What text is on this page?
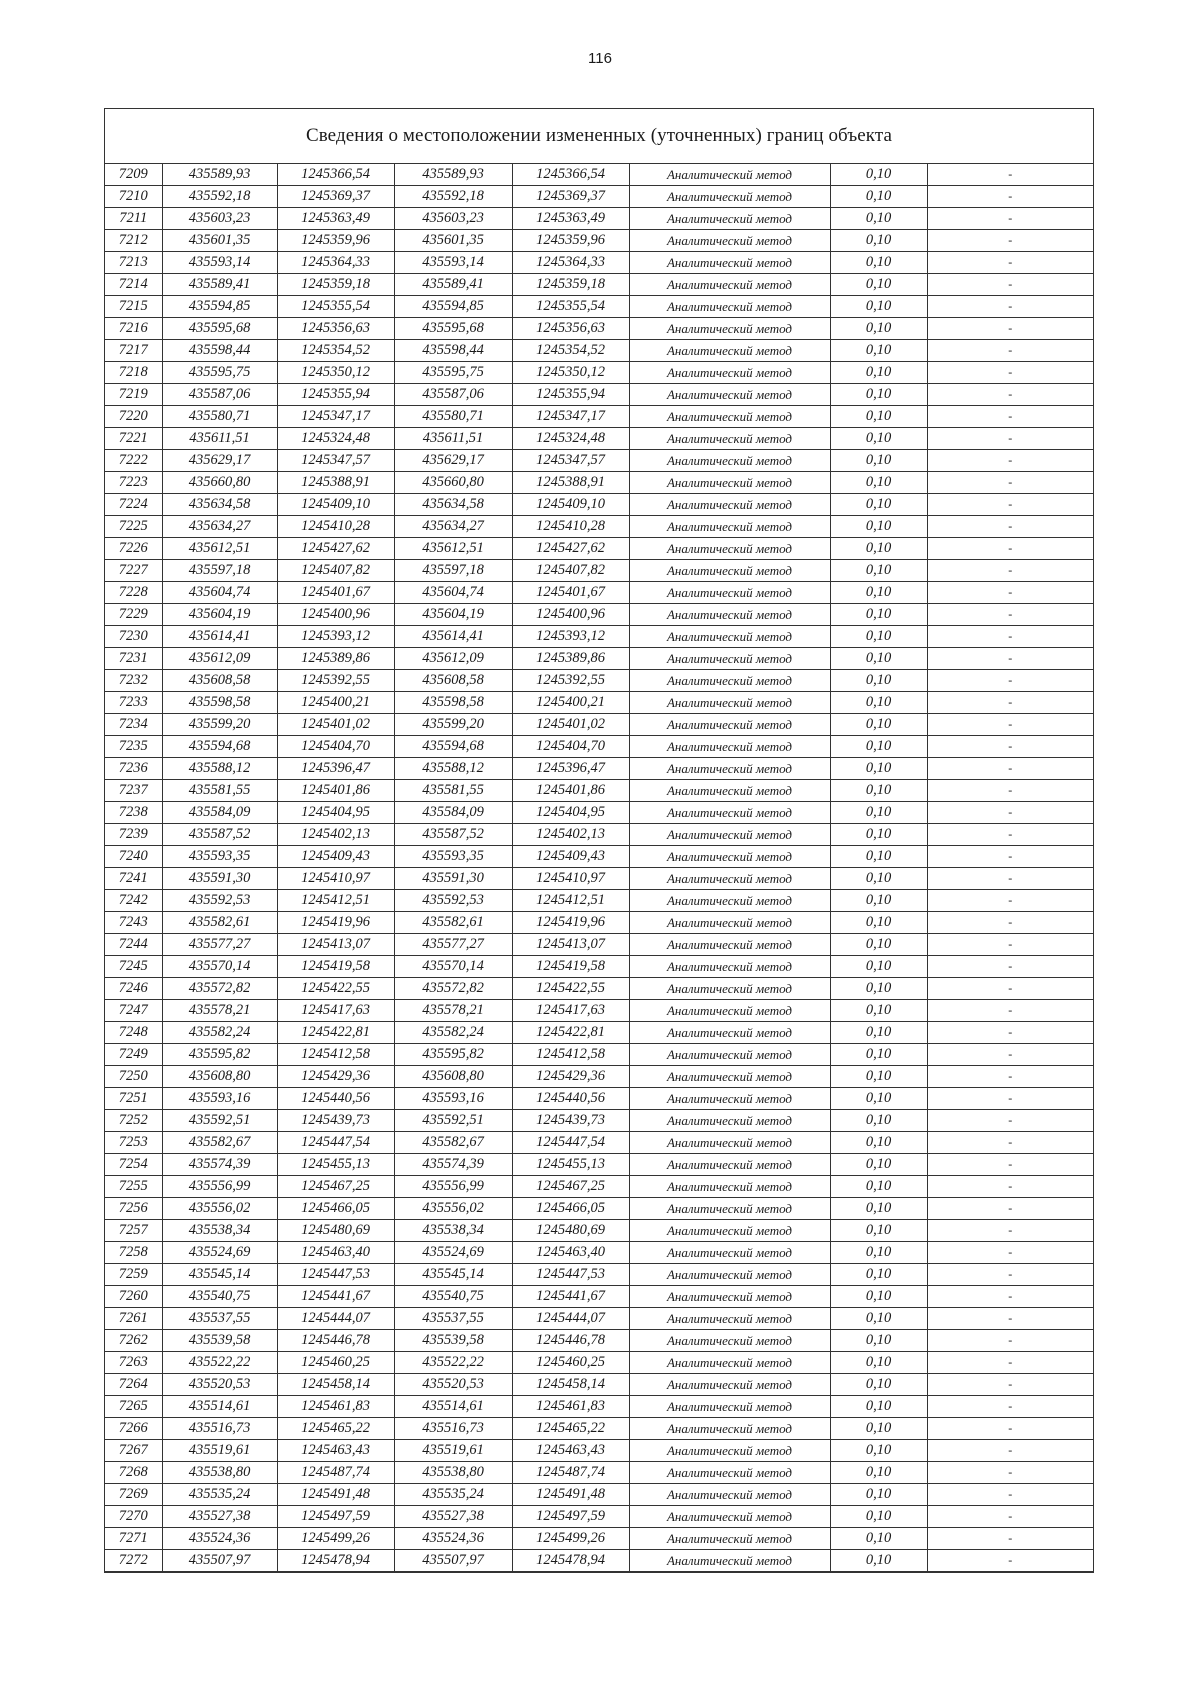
116
Сведения о местоположении измененных (уточненных) границ объекта
7209	435589,93	1245366,54	435589,93	1245366,54	Аналитический метод	0,10	-
7210	435592,18	1245369,37	435592,18	1245369,37	Аналитический метод	0,10	-
7211	435603,23	1245363,49	435603,23	1245363,49	Аналитический метод	0,10	-
7212	435601,35	1245359,96	435601,35	1245359,96	Аналитический метод	0,10	-
7213	435593,14	1245364,33	435593,14	1245364,33	Аналитический метод	0,10	-
7214	435589,41	1245359,18	435589,41	1245359,18	Аналитический метод	0,10	-
7215	435594,85	1245355,54	435594,85	1245355,54	Аналитический метод	0,10	-
7216	435595,68	1245356,63	435595,68	1245356,63	Аналитический метод	0,10	-
7217	435598,44	1245354,52	435598,44	1245354,52	Аналитический метод	0,10	-
7218	435595,75	1245350,12	435595,75	1245350,12	Аналитический метод	0,10	-
7219	435587,06	1245355,94	435587,06	1245355,94	Аналитический метод	0,10	-
7220	435580,71	1245347,17	435580,71	1245347,17	Аналитический метод	0,10	-
7221	435611,51	1245324,48	435611,51	1245324,48	Аналитический метод	0,10	-
7222	435629,17	1245347,57	435629,17	1245347,57	Аналитический метод	0,10	-
7223	435660,80	1245388,91	435660,80	1245388,91	Аналитический метод	0,10	-
7224	435634,58	1245409,10	435634,58	1245409,10	Аналитический метод	0,10	-
7225	435634,27	1245410,28	435634,27	1245410,28	Аналитический метод	0,10	-
7226	435612,51	1245427,62	435612,51	1245427,62	Аналитический метод	0,10	-
7227	435597,18	1245407,82	435597,18	1245407,82	Аналитический метод	0,10	-
7228	435604,74	1245401,67	435604,74	1245401,67	Аналитический метод	0,10	-
7229	435604,19	1245400,96	435604,19	1245400,96	Аналитический метод	0,10	-
7230	435614,41	1245393,12	435614,41	1245393,12	Аналитический метод	0,10	-
7231	435612,09	1245389,86	435612,09	1245389,86	Аналитический метод	0,10	-
7232	435608,58	1245392,55	435608,58	1245392,55	Аналитический метод	0,10	-
7233	435598,58	1245400,21	435598,58	1245400,21	Аналитический метод	0,10	-
7234	435599,20	1245401,02	435599,20	1245401,02	Аналитический метод	0,10	-
7235	435594,68	1245404,70	435594,68	1245404,70	Аналитический метод	0,10	-
7236	435588,12	1245396,47	435588,12	1245396,47	Аналитический метод	0,10	-
7237	435581,55	1245401,86	435581,55	1245401,86	Аналитический метод	0,10	-
7238	435584,09	1245404,95	435584,09	1245404,95	Аналитический метод	0,10	-
7239	435587,52	1245402,13	435587,52	1245402,13	Аналитический метод	0,10	-
7240	435593,35	1245409,43	435593,35	1245409,43	Аналитический метод	0,10	-
7241	435591,30	1245410,97	435591,30	1245410,97	Аналитический метод	0,10	-
7242	435592,53	1245412,51	435592,53	1245412,51	Аналитический метод	0,10	-
7243	435582,61	1245419,96	435582,61	1245419,96	Аналитический метод	0,10	-
7244	435577,27	1245413,07	435577,27	1245413,07	Аналитический метод	0,10	-
7245	435570,14	1245419,58	435570,14	1245419,58	Аналитический метод	0,10	-
7246	435572,82	1245422,55	435572,82	1245422,55	Аналитический метод	0,10	-
7247	435578,21	1245417,63	435578,21	1245417,63	Аналитический метод	0,10	-
7248	435582,24	1245422,81	435582,24	1245422,81	Аналитический метод	0,10	-
7249	435595,82	1245412,58	435595,82	1245412,58	Аналитический метод	0,10	-
7250	435608,80	1245429,36	435608,80	1245429,36	Аналитический метод	0,10	-
7251	435593,16	1245440,56	435593,16	1245440,56	Аналитический метод	0,10	-
7252	435592,51	1245439,73	435592,51	1245439,73	Аналитический метод	0,10	-
7253	435582,67	1245447,54	435582,67	1245447,54	Аналитический метод	0,10	-
7254	435574,39	1245455,13	435574,39	1245455,13	Аналитический метод	0,10	-
7255	435556,99	1245467,25	435556,99	1245467,25	Аналитический метод	0,10	-
7256	435556,02	1245466,05	435556,02	1245466,05	Аналитический метод	0,10	-
7257	435538,34	1245480,69	435538,34	1245480,69	Аналитический метод	0,10	-
7258	435524,69	1245463,40	435524,69	1245463,40	Аналитический метод	0,10	-
7259	435545,14	1245447,53	435545,14	1245447,53	Аналитический метод	0,10	-
7260	435540,75	1245441,67	435540,75	1245441,67	Аналитический метод	0,10	-
7261	435537,55	1245444,07	435537,55	1245444,07	Аналитический метод	0,10	-
7262	435539,58	1245446,78	435539,58	1245446,78	Аналитический метод	0,10	-
7263	435522,22	1245460,25	435522,22	1245460,25	Аналитический метод	0,10	-
7264	435520,53	1245458,14	435520,53	1245458,14	Аналитический метод	0,10	-
7265	435514,61	1245461,83	435514,61	1245461,83	Аналитический метод	0,10	-
7266	435516,73	1245465,22	435516,73	1245465,22	Аналитический метод	0,10	-
7267	435519,61	1245463,43	435519,61	1245463,43	Аналитический метод	0,10	-
7268	435538,80	1245487,74	435538,80	1245487,74	Аналитический метод	0,10	-
7269	435535,24	1245491,48	435535,24	1245491,48	Аналитический метод	0,10	-
7270	435527,38	1245497,59	435527,38	1245497,59	Аналитический метод	0,10	-
7271	435524,36	1245499,26	435524,36	1245499,26	Аналитический метод	0,10	-
7272	435507,97	1245478,94	435507,97	1245478,94	Аналитический метод	0,10	-
